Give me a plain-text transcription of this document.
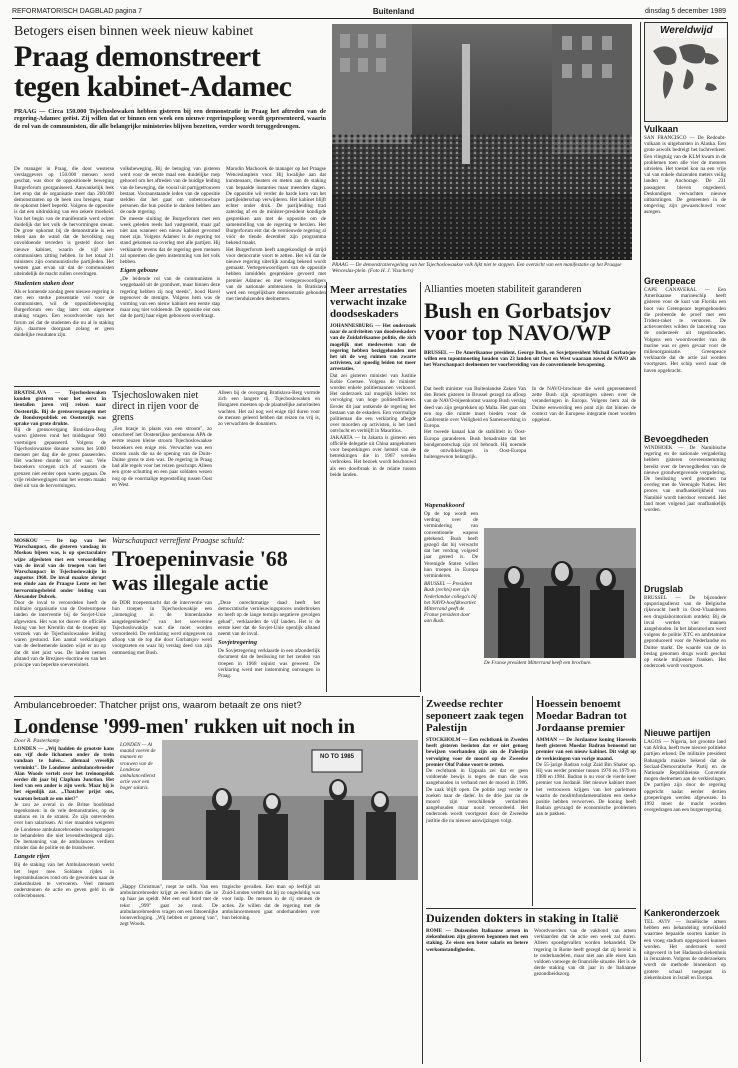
REFORMATORISCH DAGBLAD pagina 7	Buitenland	dinsdag 5 december 1989
Betogers eisen binnen week nieuw kabinet
Praag demonstreert
tegen kabinet-Adamec

PRAAG — Circa 150.000 Tsjechoslowaken hebben gisteren bij een demonstratie in Praag het aftreden van de regering-Adamec geëist. Zij willen dat er binnen een week een nieuwe regeringsploeg wordt gepresenteerd, waarin de rol van de communisten, die alle belangrijke ministeries blijven bezetten, verder wordt teruggedrongen.

De manager in Praag, die door westerse verslaggevers op 150.000 mensen werd geschat, was door de oppositionele beweging Burgerforum georganiseerd. Aanvankelijk leek het erop dat de organisatie meer dan 200.000 demonstranten op de been zou brengen, maar de opkomst bleef beperkt. Volgens de oppositie is dat een uitdrukking van een zekere moeheid. Van het begin van de manifestatie werd echter duidelijk dat het volk de hervormingen steunt. De grote opkomst bij de demonstratie is een teken aan de wand dat de bevolking nog onvoldoende tevreden is gesteld door het nieuwe kabinet, waarin de vijf niet-communisten zitting hebben. In het totaal 21 ministers zijn communistische partijleden. Het westen gaat ervan uit dat de communisten uiteindelijk de macht zullen overdragen.

Studenten staken door

Als er komende zondag geen nieuwe regering is met een sterke presentatie vol voor de communisten, wil de oppositiebeweging Burgerforum een dag later om algemene staking vragen. Een woordvoerder van het forum zei dat de studenten die nu al in staking zijn, daarmee doorgaan zolang er geen duidelijke resultaten zijn.

volksbeweging. Bij de betoging van gisteren werd voor de eerste maal een duidelijke roep gehoord om het aftreden van de huidige leiding van de beweging, die vooral uit partijgetrouwen bestaat. Vooraanstaande leden van de oppositie stelden dat het gaat om onbetrouwbare personen die hun positie te danken hebben aan de oude regering.

De meeste sluiting de Burgerforum met een week geleden reeds had vastgesteld, maar gaf niet aan wanneer een nieuw kabinet gevormd moet zijn. Volgens Adamec is de regering tot stand gekomen na overleg met alle partijen. Hij verklaarde tevens dat de regering geen mensen zal opnemen die geen instemming van het volk hebben.

Eigen gebouw

„De leidende rol van de communisten is weggehaald uit de grondwet, maar binnen deze regering hebben zij nog steeds", bood Havel tegenover de menigte. Volgens hem was de vorming van een nieuw kabinet een eerste stap maar nog niet voldoende. De oppositie eist ook dat de partij haar eigen gebouwen overdraagt.

Marodin Machocek de manager op het Praagse Wenceslasplein voor. Hij kwalijke aan dat kunstenaars, theaters en meten aan de staking van bepaalde instanties maar meerdere dagen. De oppositie wil verder de harde kern van het partijleiderschap verwijderen. Het kabinet blijft echter onder druk. De partijleiding trad zaterdag af en de minister-president kondigde gesprekken aan met de oppositie om de samenstelling van de regering te herzien. Het Burgerforum eist dat de vernieuwde regering al vóór de tiende december zijn programma bekend maakt.

Het Burgerforum heeft aangekondigd de strijd voor democratie voort te zetten. Het wil dat de nieuwe regering uiterlijk zondag bekend wordt gemaakt. Vertegenwoordigers van de oppositie hebben inmiddels gesprekken gevoerd met premier Adamec en met vertegenwoordigers van de nationale ambtenaren. In Bratislava werd een vergelijkbare demonstratie gehouden met tienduizenden deelnemers.

PRAAG — De demonstratieregelimg van het Tsjechoslowaakse volk lijkt niet te stoppen. Een overzicht van een manifestatie op het Praagse Wenceslas-plein. (Foto H. J. Visschers)
Wereldwijd
Vulkaan

SAN FRANCISCO — De Redoubt-vulkaan is uitgebarsten in Alaska. Een grote aswolk bedreigt het luchtverkeer. Een vliegtuig van de KLM kwam in de problemen toen alle vier de motoren uitvielen. Het toestel kon na een vrije val van enkele duizenden meters veilig landen in Anchorage. De 231 passagiers bleven ongedeerd. Deskundigen verwachten nieuwe uitbarstingen. De gemeenten in de omgeving zijn gewaarschuwd voor asregen.

Greenpeace

CAPE CANAVERAL — Een Amerikaanse marineschip heeft gisteren voor de kust van Florida een boot van Greenpeace tegengehouden die probeerde de proef met een Trident-raket te verstoren. De actievoerders wilden de lancering van de onderzeeër uit tegenhouden. Volgens een woordvoerder van de marine was er geen gevaar voor de milieuorganisatie. Greenpeace verklaarde dat de actie zal worden voortgezet. Het schip werd naar de haven opgebracht.

Bevoegdheden

WINDHOEK — De Namibische regering en de nationale vergadering hebben gisteren overeenstemming bereikt over de bevoegdheden van de nieuwe grondwetgevende vergadering. De beslissing werd genomen na overleg met de Verenigde Naties. Het proces van onafhankelijkheid van Namibië wordt hierdoor versneld. Het land moet volgend jaar onafhankelijk worden.

Drugslab

BRUSSEL — De bijzondere opsporingsdienst van de Belgische rijkswacht heeft in Oost-Vlaanderen een drugslaboratorium ontdekt. Bij de inval werden vier mannen aangehouden. In het laboratorium werd volgens de politie XTC en amfetamine geproduceerd voor de Nederlandse en Duitse markt. De waarde van de in beslag genomen drugs wordt geschat op enkele miljoenen franken. Het onderzoek wordt voortgezet.

Nieuwe partijen

LAGOS — Nigeria, het grootste land van Afrika, heeft twee nieuwe politieke partijen erkend. De militaire president Babangida maakte bekend dat de Sociaal-Democratische Partij en de Nationale Republikeinse Conventie mogen deelnemen aan de verkiezingen. De partijen zijn door de regering opgericht nadat eerder dertien groeperingen werden afgewezen. In 1992 moet de macht worden overgedragen aan een burgerregering.

Kankeronderzoek

TEL AVIV — Israëlische artsen hebben een behandeling ontwikkeld waarmee bepaalde soorten kanker in een vroeg stadium opgespoord kunnen worden. Het onderzoek werd uitgevoerd in het Hadassah-ziekenhuis in Jeruzalem. Volgens de onderzoekers wordt de methode binnenkort op grotere schaal toegepast in ziekenhuizen in Israël en Europa.

BRATISLAVA — Tsjechoslowaken konden gisteren voor het eerst in tientallen jaren vrij reizen naar Oostenrijk. Bij de grensovergangen met de Bondsrepubliek en Oostenrijk was sprake van grote drukte.

Bij de grensovergang Bratislava-Berg waren gisteren rond het middaguur 900 voertuigen gepasseerd. Volgens de Tsjechoslowaakse douane waren het 5000 mensen per dag die de grens passeerden. Het wachten duurde tot vier uur. Vele bezoekers vroegen zich af waarom de grenzen niet eerder open waren gegaan. De vrije reisbewegingen naar het westen maakt deel uit van de hervormingen.

Tsjechoslowaken niet direct in rijen voor de grens

„Een brasje in plaats van een stroom", zo omschreef het Oostenrijkse persbureau APA de eerste reuzen kleine stroom Tsjechoslowaakse bezoekers een enige reis. Verwachte was een stroom zoals die na de opening van de Duits-Duitse grens te zien was. De regering in Praag had alle regels voor het reizen geschrapt. Alleen een grote schutting en een paar soldaten wezen nog op de voormalige tegenstelling tussen Oost en West.

Alleen bij de overgang Bratislava-Berg vormde zich een langere rij. Tsjechoslowaken en Hongaren moesten op de plaatselijke autoriteiten wachten. Het zal nog wel enige tijd duren voor de mensen geleerd hebben dat reizen nu vrij is, zo verwachten de douaniers.

MOSKOU — De top van het Warschaupact, die gisteren vandaag in Moskou bijeen was, is op spectaculaire wijze afgesloten met een veroordeling van de inval van de troepen van het Warschaupact in Tsjechoslowakije in augustus 1968. De inval maakte abrupt een einde aan de Praagse Lente en het hervormingsbeleid onder leiding van Alexander Dubcek.

Door de inval te veroordelen heeft de militaire organisatie van de Oosteuropese landen de interventie bij de Sovjet-Unie afgewezen. Het was tot dusver de officiële lezing van het Kremlin dat de troepen op verzoek van de Tsjechoslowaakse leiding waren gestuurd. Een aantal verklaringen van de deelnemende landen wijst er nu op dat dit niet juist was. De landen nemen afstand van de Brezjnev-doctrine en van het principe van beperkte soevereiniteit.

Warschaupact verreffent Praagse schuld:
Troepeninvasie '68
was illegale actie

de DDR troepenmacht dat de interventie van hun troepen in Tsjechoslowakije een „inmenging in de binnenlandse aangelegenheden" van het soevereine Tsjechoslowakije was die moet worden veroordeeld. De verklaring werd uitgegeven na afloop van de top die door Gorbatsjov werd voorgezeten en waar hij verslag deed van zijn ontmoeting met Bush.

„Deze onrechtmatige daad heeft het democratische vernieuwingsproces onderbroken en heeft op de lange termijn negatieve gevolgen gehad", verklaarden de vijf landen. Het is de eerste keer dat de Sovjet-Unie openlijk afstand neemt van de inval.

Sovjetregering

De Sovjetregering verklaarde in een afzonderlijk document dat de beslissing tot het zenden van troepen in 1968 onjuist was geweest. De verklaring werd met instemming ontvangen in Praag.

Meer arrestaties verwacht inzake doodseskaders

JOHANNESBURG — Het onderzoek naar de activiteiten van doodseskaders van de Zuidafrikaanse politie, die zich mogelijk met medeweten van de regering hebben beziggehouden met het uit de weg ruimen van zwarte activisten, zal spoedig leiden tot meer arrestaties.

Dat zei gisteren minister van Justitie Kobie Coetsee. Volgens de minister worden enkele politiemannen verhoord. Het onderzoek zal mogelijk leiden tot vervolging van hoge politieofficieren. Eerder dit jaar ontkende de regering het bestaan van de eskaders. Een voormalige politieman die een verklaring aflegde over moorden op activisten, is het land ontvlucht en verblijft in Mauritius.

JAKARTA — In Jakarta is gisteren een officiële delegatie uit China aangekomen voor besprekingen over herstel van de betrekkingen die in 1967 werden verbroken. Het bezoek wordt beschouwd als een doorbraak in de relatie tussen beide landen.

Allianties moeten stabiliteit garanderen
Bush en Gorbatsjov
voor top NAVO/WP

BRUSSEL — De Amerikaanse president, George Bush, en Sovjetpresident Michail Gorbatsjov willen een topontmoeting houden van 23 landen uit Oost en West waaraan zowel de NAVO als het Warschaupact deelnemen ter voorbereiding van de conventionele bewapening.

Dat heeft minister van Buitenlandse Zaken Van den Broek gisteren in Brussel gezegd na afloop van de NAVO-bijeenkomst waarop Bush verslag deed van zijn gesprekken op Malta. Het gaat om een top die ruimte moet bieden voor de Conferentie over Veiligheid en Samenwerking in Europa.

Het tweede kanaal kan de stabiliteit in Oost-Europa garanderen. Bush benadrukte dat het bondgenootschap zijn rol behoudt. Hij noemde de ontwikkelingen in Oost-Europa buitengewoon belangrijk.

In de NAVO-brochure die werd gepresenteerd zette Bush zijn opvattingen uiteen over de veranderingen in Europa. Volgens hem zal de Duitse eenwording een punt zijn dat binnen de context van de Europese integratie moet worden opgelost.

Wapenakkoord

Op de top wordt een verdrag over de vermindering van conventionele wapens getekend. Bush heeft gezegd dat hij verwacht dat het verdrag volgend jaar gereed is. De Verenigde Staten willen hun troepen in Europa verminderen.

BRUSSEL — President Bush (rechts) met zijn Nederlandse collega's bij het NAVO-hoofdkwartier. Mitterrand geeft de Franse president door aan Bush.
De Franse president Mitterrand heeft een brochure.
Ambulancebroeder: Thatcher prijst ons, waarom betaalt ze ons niet?
Londense '999-men' rukken uit noch in
Door R. Pasterkamp

LONDEN — „Wij hadden de grootste kans om vijf dode lichamen onder de trein vandaan te halen... allemaal vreselijk verminkt". De Londense ambulancebroeder Alan Woods vertelt over het treinongeluk eerder dit jaar bij Clapham Junction. Het leed van een ander is zijn werk. Maar hij is het eigenlijk zat. „Thatcher prijst ons, waarom betaalt ze ons niet?"

Je zou ze overal in de Britse hoofdstad tegenkomen: in de vele demonstraties, op de stations en in de straten. Ze zijn ontevreden over hun salarissen. Al vier maanden weigeren de Londense ambulancebroeders noodoproepen te behandelen die niet levensbedreigend zijn. De bemanning van de ambulances verdient minder dan de politie en de brandweer.

Langste rijen

Bij de staking van het Ambulanceteam werkt het leger mee. Soldaten rijden in legerambulances rond om de gewonden naar de ziekenhuizen te vervoeren. Veel mensen ondersteunen de actie en geven geld in de collectebussen.

LONDEN — Al maand voeren de mannen en vrouwen van de Londense ambulancedienst actie voor een hoger salaris.
NO TO 1985

„Happy Christmas", roept ze zelfs. Van een ambulancebroeder krijgt ze een button die ze op haar jas speldt. Met een oud bord met de tekst „999" gaat ze rond. De ambulancebroeders vragen om een fatsoenlijke loonsverhoging. „Wij hebben er genoeg van", zegt Woods.

tragische gevallen. Een man op leeftijd uit Zuid-Londen vertelt dat hij zo ongeduldig was voor hulp. De mensen in de rij steunen de acties. Ze willen dat de regering met de ambulancemensen gaat onderhandelen over hun beloning.

Zweedse rechter seponeert zaak tegen Palestijn

STOCKHOLM — Een rechtbank in Zweden heeft gisteren besloten dat er niet genoeg bewijzen voorhanden zijn om de Palestijn vervolging voor de moord op de Zweedse premier Olof Palme voort te zetten.

De rechtbank in Uppsala zei dat er geen voldoende bewijs is tegen de man die was aangehouden in verband met de moord in 1986. De zaak blijft open. De politie zegt verder te zoeken naar de dader. In de drie jaar na de moord zijn verschillende verdachten aangehouden maar nooit veroordeeld. Het onderzoek wordt voortgezet door de Zweedse justitie die nu nieuwe aanwijzingen volgt.

Hoessein benoemt Moedar Badran tot Jordaanse premier

AMMAN — De Jordaanse koning Hoessein heeft gisteren Moedar Badran benoemd tot premier van een nieuw kabinet. Dit volgt op de verkiezingen van vorige maand.

De 55-jarige Badran volgt Zaid Bin Shaker op. Hij was eerder premier tussen 1976 en 1979 en 1980 en 1984. Badran is nu voor de vierde keer premier van Jordanië. Het nieuwe kabinet moet het vertrouwen krijgen van het parlement waarin de moslimfundamentalisten een sterke positie hebben verworven. De koning heeft Badran gevraagd de economische problemen aan te pakken.

Duizenden dokters in staking in Italië

ROME — Duizenden Italiaanse artsen in ziekenhuizen zijn gisteren begonnen met een staking. Ze eisen een beter salaris en betere werkomstandigheden.

Woordvoerders van de vakbond van artsen verklaarden dat de actie een week zal duren. Alleen spoedgevallen worden behandeld. De regering in Rome heeft gezegd dat zij bereid is te onderhandelen, maar niet aan alle eisen kan voldoen vanwege de financiële situatie. Het is de derde staking van dit jaar in de Italiaanse gezondheidszorg.
